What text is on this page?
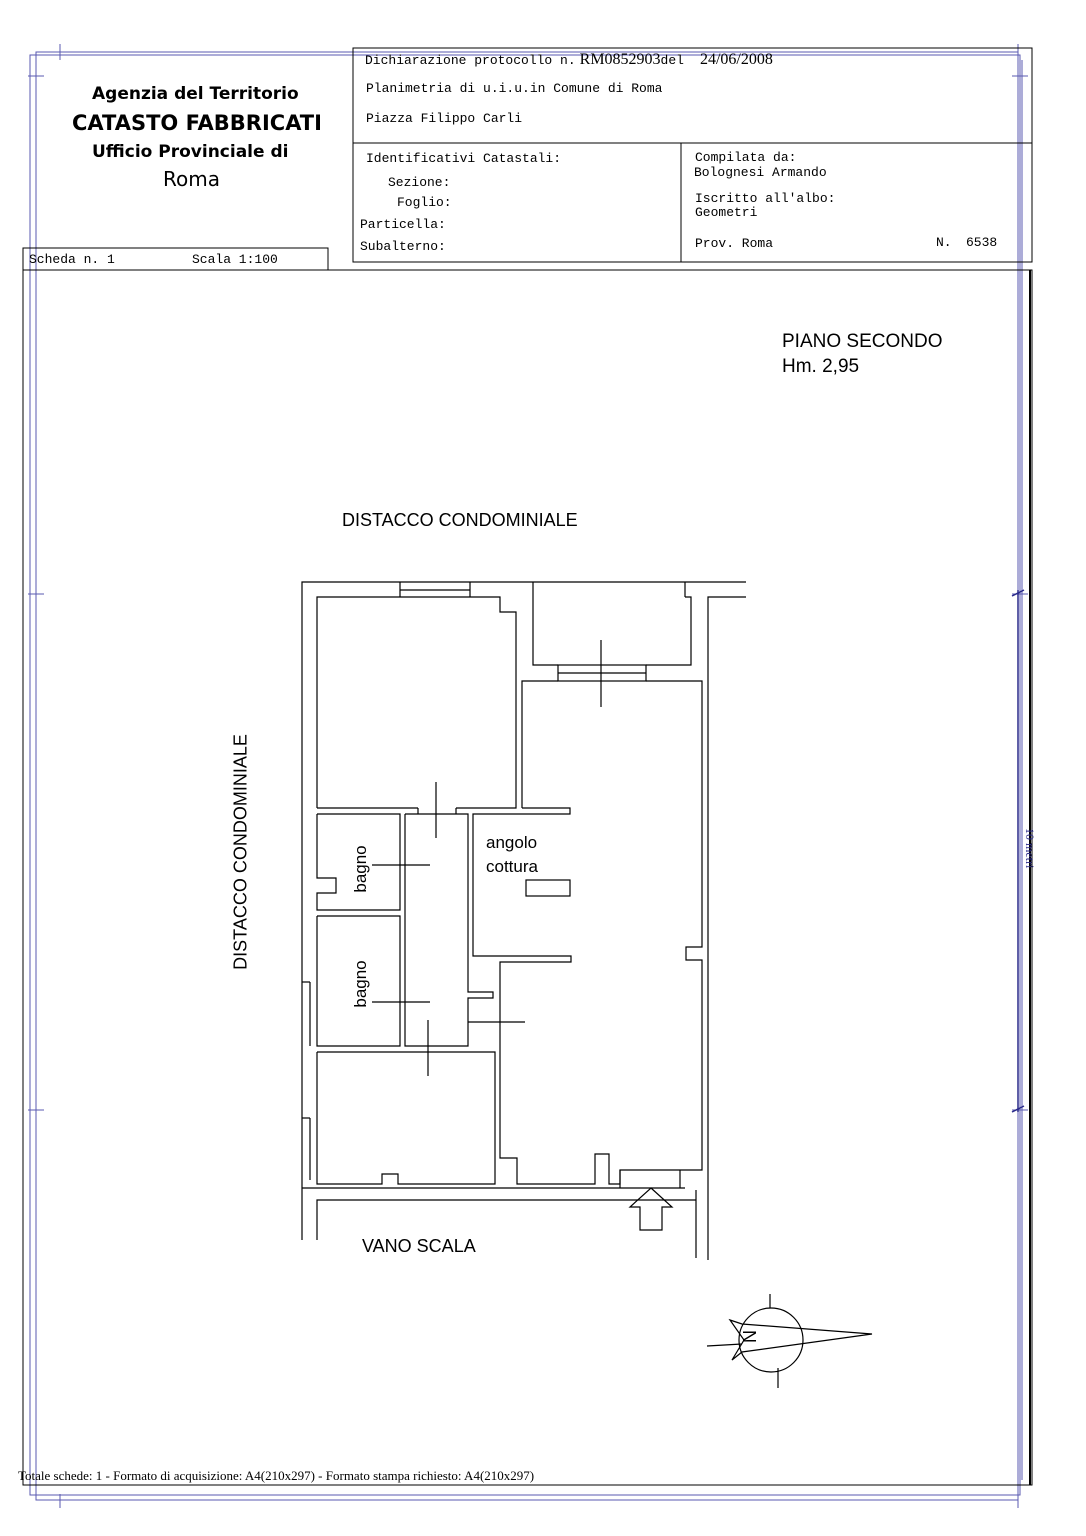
Agenzia del Territorio
CATASTO FABBRICATI
Ufficio Provinciale di
Roma
Dichiarazione protocollo n. RM0852903del 24/06/2008
Planimetria di u.i.u.in Comune di Roma
Piazza Filippo Carli
Identificativi Catastali:
Sezione:
Foglio:
Particella:
Subalterno:
Compilata da:
Bolognesi Armando
Iscritto all'albo:
Geometri
Prov. Roma	N. 6538
Scheda n. 1	Scala 1:100
PIANO SECONDO
Hm. 2,95
DISTACCO CONDOMINIALE
DISTACCO CONDOMINIALE
VANO SCALA
bagno
bagno
angolo
cottura
N
10 metri
Totale schede: 1 - Formato di acquisizione: A4(210x297) - Formato stampa richiesto: A4(210x297)
